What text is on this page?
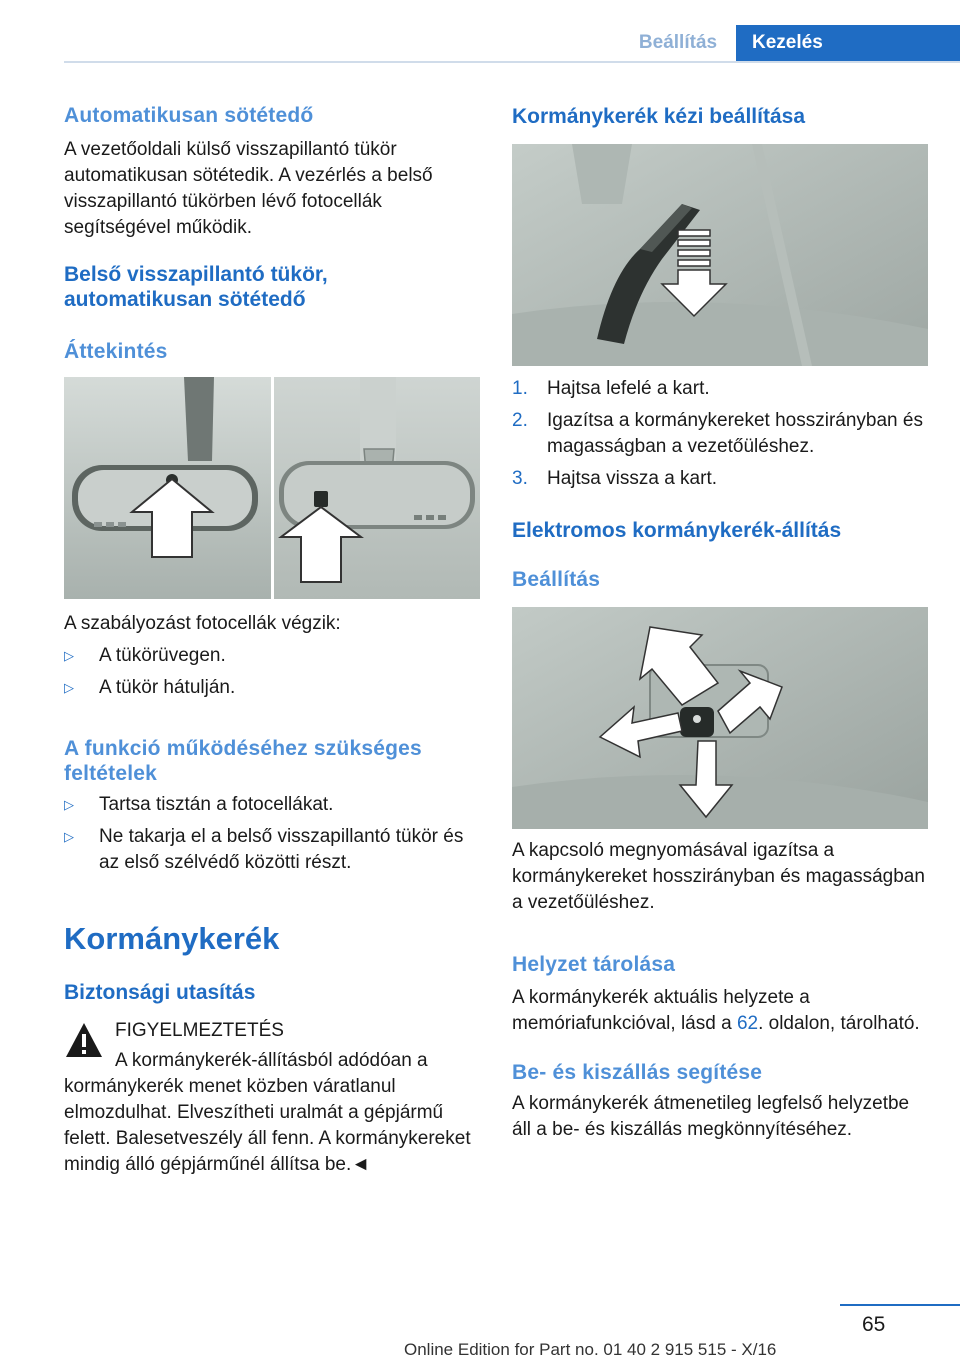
Beállítás	Kezelés
Automatikusan sötétedő

A vezetőoldali külső visszapillantó tükör automatikusan sötétedik. A vezérlés a belső visszapillantó tükörben lévő fotocellák segítségével működik.

Belső visszapillantó tükör, automatikusan sötétedő
Áttekintés

A szabályozást fotocellák végzik:

▷ A tükörüvegen.
▷ A tükör hátulján.
A funkció működéséhez szükséges feltételek
▷ Tartsa tisztán a fotocellákat.
▷ Ne takarja el a belső visszapillantó tükör és az első szélvédő közötti részt.
Kormánykerék
Biztonsági utasítás

FIGYELMEZTETÉS

A kormánykerék-állításból adódóan a kormánykerék menet közben váratlanul elmozdulhat. Elveszítheti uralmát a gépjármű felett. Balesetveszély áll fenn. A kormánykereket mindig álló gépjárműnél állítsa be.◄

Kormánykerék kézi beállítása
1. Hajtsa lefelé a kart.
2. Igazítsa a kormánykereket hosszirányban és magasságban a vezetőüléshez.
3. Hajtsa vissza a kart.
Elektromos kormánykerék-állítás
Beállítás

A kapcsoló megnyomásával igazítsa a kormánykereket hosszirányban és magasságban a vezetőüléshez.

Helyzet tárolása

A kormánykerék aktuális helyzete a memóriafunkcióval, lásd a 62. oldalon, tárolható.

Be- és kiszállás segítése

A kormánykerék átmenetileg legfelső helyzetbe áll a be- és kiszállás megkönnyítéséhez.

65
Online Edition for Part no. 01 40 2 915 515 - X/16
